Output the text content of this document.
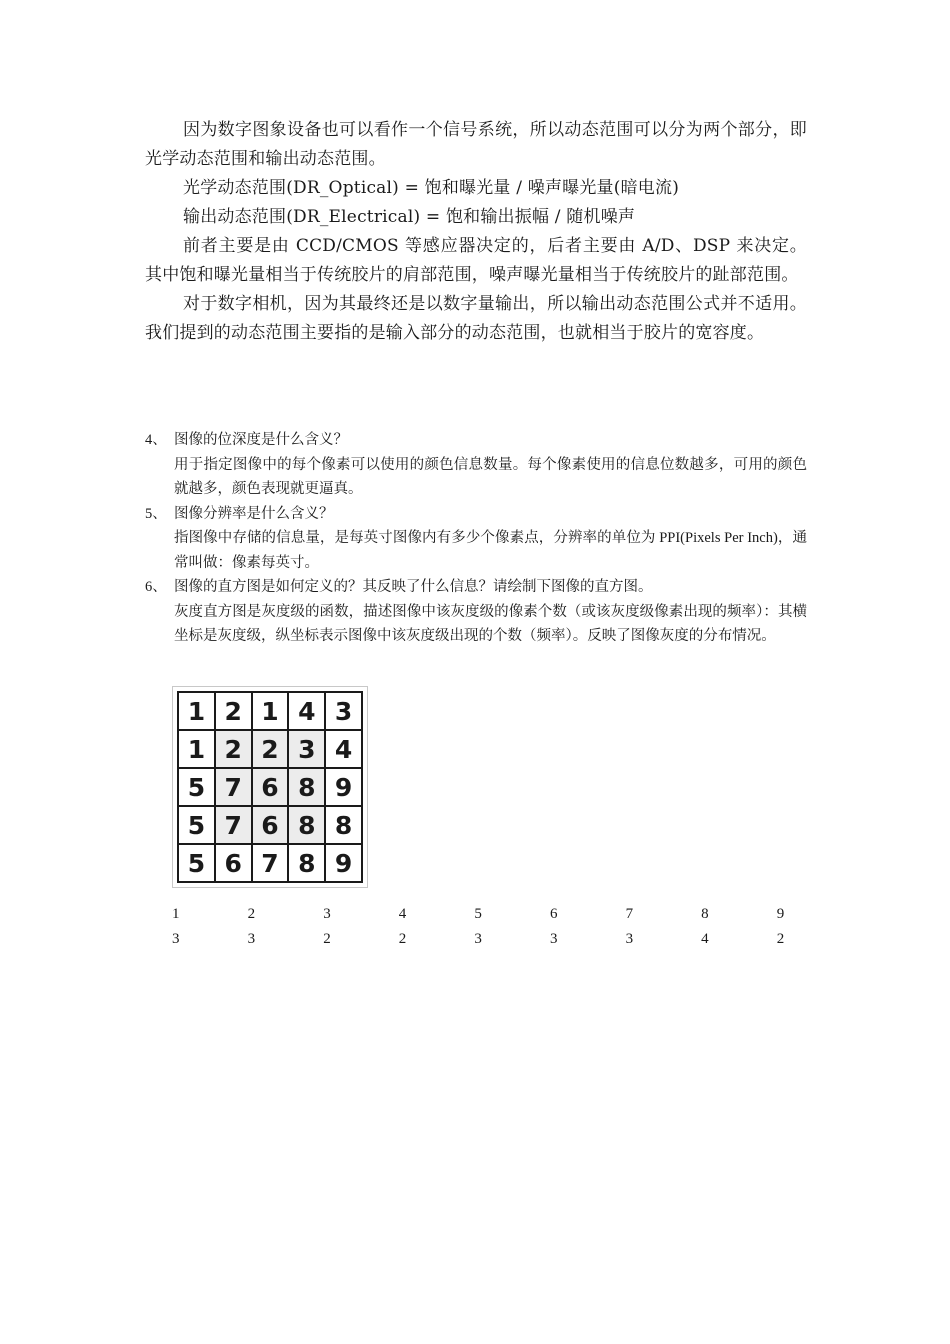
因为数字图象设备也可以看作一个信号系统，所以动态范围可以分为两个部分，即光学动态范围和输出动态范围。

光学动态范围(DR_Optical) = 饱和曝光量 / 噪声曝光量(暗电流)

输出动态范围(DR_Electrical) = 饱和输出振幅 / 随机噪声

前者主要是由 CCD/CMOS 等感应器决定的，后者主要由 A/D、DSP 来决定。其中饱和曝光量相当于传统胶片的肩部范围，噪声曝光量相当于传统胶片的趾部范围。

对于数字相机，因为其最终还是以数字量输出，所以输出动态范围公式并不适用。我们提到的动态范围主要指的是输入部分的动态范围，也就相当于胶片的宽容度。

4、 图像的位深度是什么含义？

用于指定图像中的每个像素可以使用的颜色信息数量。每个像素使用的信息位数越多，可用的颜色就越多，颜色表现就更逼真。

5、 图像分辨率是什么含义？

指图像中存储的信息量，是每英寸图像内有多少个像素点，分辨率的单位为 PPI(Pixels Per Inch)，通常叫做：像素每英寸。

6、 图像的直方图是如何定义的？其反映了什么信息？请绘制下图像的直方图。

灰度直方图是灰度级的函数，描述图像中该灰度级的像素个数（或该灰度级像素出现的频率）：其横坐标是灰度级，纵坐标表示图像中该灰度级出现的个数（频率）。反映了图像灰度的分布情况。

1	2	1	4	3
1	2	2	3	4
5	7	6	8	9
5	7	6	8	8
5	6	7	8	9
1	2	3	4	5	6	7	8	9
3	3	2	2	3	3	3	4	2
